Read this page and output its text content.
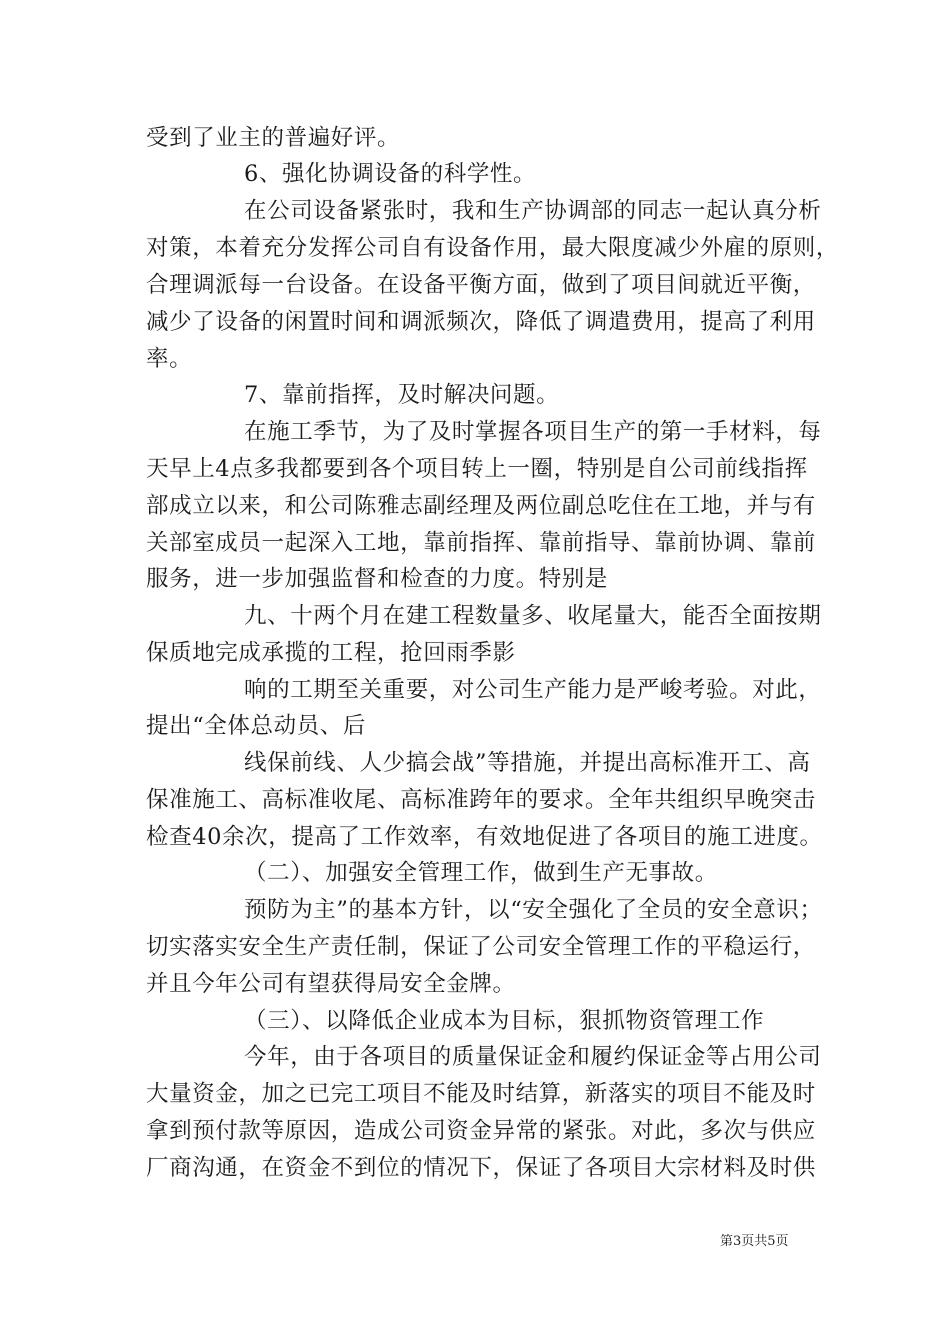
受到了业主的普遍好评。
6、强化协调设备的科学性。
在公司设备紧张时，我和生产协调部的同志一起认真分析
对策，本着充分发挥公司自有设备作用，最大限度减少外雇的原则，
合理调派每一台设备。在设备平衡方面，做到了项目间就近平衡，
减少了设备的闲置时间和调派频次，降低了调遣费用，提高了利用
率。
7、靠前指挥，及时解决问题。
在施工季节，为了及时掌握各项目生产的第一手材料，每
天早上4点多我都要到各个项目转上一圈，特别是自公司前线指挥
部成立以来，和公司陈雅志副经理及两位副总吃住在工地，并与有
关部室成员一起深入工地，靠前指挥、靠前指导、靠前协调、靠前
服务，进一步加强监督和检查的力度。特别是
九、十两个月在建工程数量多、收尾量大，能否全面按期
保质地完成承揽的工程，抢回雨季影
响的工期至关重要，对公司生产能力是严峻考验。对此，
提出“全体总动员、后
线保前线、人少搞会战”等措施，并提出高标准开工、高
保准施工、高标准收尾、高标准跨年的要求。全年共组织早晚突击
检查40余次，提高了工作效率，有效地促进了各项目的施工进度。
（二）、加强安全管理工作，做到生产无事故。
预防为主”的基本方针，以“安全强化了全员的安全意识；
切实落实安全生产责任制，保证了公司安全管理工作的平稳运行，
并且今年公司有望获得局安全金牌。
（三）、以降低企业成本为目标，狠抓物资管理工作
今年，由于各项目的质量保证金和履约保证金等占用公司
大量资金，加之已完工项目不能及时结算，新落实的项目不能及时
拿到预付款等原因，造成公司资金异常的紧张。对此，多次与供应
厂商沟通，在资金不到位的情况下，保证了各项目大宗材料及时供
第3页共5页
